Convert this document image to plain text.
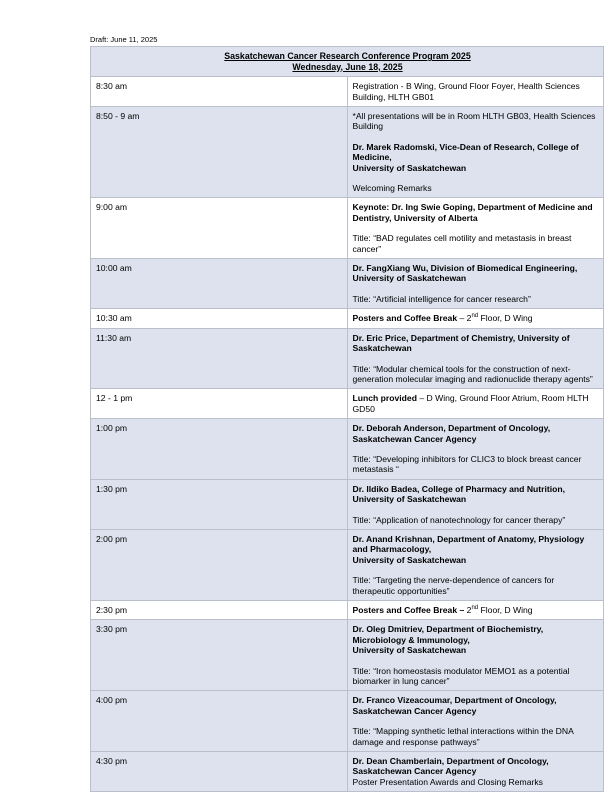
Draft: June 11, 2025
Saskatchewan Cancer Research Conference Program 2025
Wednesday, June 18, 2025	

8:30 am	Registration - B Wing, Ground Floor Foyer, Health Sciences Building, HLTH GB01

8:50 - 9 am	*All presentations will be in Room HLTH GB03, Health Sciences Building

Dr. Marek Radomski, Vice-Dean of Research, College of Medicine,

University of Saskatchewan

Welcoming Remarks

9:00 am	Keynote: Dr. Ing Swie Goping, Department of Medicine and Dentistry, University of Alberta

Title: “BAD regulates cell motility and metastasis in breast cancer”

10:00 am	Dr. FangXiang Wu, Division of Biomedical Engineering, University of Saskatchewan

Title: “Artificial intelligence for cancer research”

10:30 am	Posters and Coffee Break – 2nd Floor, D Wing

11:30 am	Dr. Eric Price, Department of Chemistry, University of Saskatchewan

Title: “Modular chemical tools for the construction of next-generation molecular imaging and radionuclide therapy agents”

12 - 1 pm	Lunch provided – D Wing, Ground Floor Atrium, Room HLTH GD50

1:00 pm	Dr. Deborah Anderson, Department of Oncology, Saskatchewan Cancer Agency

Title: “Developing inhibitors for CLIC3 to block breast cancer metastasis “

1:30 pm	Dr. Ildiko Badea, College of Pharmacy and Nutrition, University of Saskatchewan

Title: “Application of nanotechnology for cancer therapy”

2:00 pm	Dr. Anand Krishnan, Department of Anatomy, Physiology and Pharmacology,

University of Saskatchewan

Title: “Targeting the nerve-dependence of cancers for therapeutic opportunities”

2:30 pm	Posters and Coffee Break – 2nd Floor, D Wing

3:30 pm	Dr. Oleg Dmitriev, Department of Biochemistry, Microbiology & Immunology,

University of Saskatchewan

Title: “Iron homeostasis modulator MEMO1 as a potential biomarker in lung cancer”

4:00 pm	Dr. Franco Vizeacoumar, Department of Oncology, Saskatchewan Cancer Agency

Title: “Mapping synthetic lethal interactions within the DNA damage and response pathways”

4:30 pm	Dr. Dean Chamberlain, Department of Oncology, Saskatchewan Cancer Agency

Poster Presentation Awards and Closing Remarks
